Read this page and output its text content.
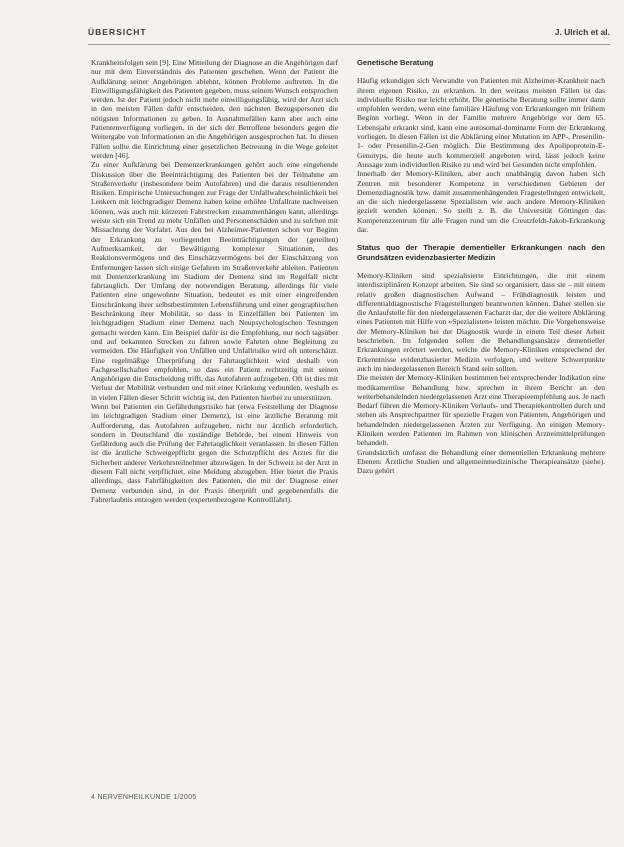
ÜBERSICHT	J. Ulrich et al.

Krankheitsfolgen sein [9]. Eine Mitteilung der Diagnose an die Angehörigen darf nur mit dem Einverständnis des Patienten geschehen. Wenn der Patient die Aufklärung seiner Angehörigen ablehnt, können Probleme auftreten. In die Einwilligungsfähigkeit des Patienten gegeben, muss seinem Wunsch entsprochen werden. Ist der Patient jedoch nicht mehr einwilligungsfähig, wird der Arzt sich in den meisten Fällen dafür entscheiden, den nächsten Bezugspersonen die nötigsten Informationen zu geben. In Ausnahmefällen kann aber auch eine Patientenverfügung vorliegen, in der sich der Betroffene besonders gegen die Weitergabe von Informationen an die Angehörigen ausgesprochen hat. In diesen Fällen sollte die Einrichtung einer gesetzlichen Betreuung in die Wege geleitet werden [46].

Zu einer Aufklärung bei Demenzerkrankungen gehört auch eine eingehende Diskussion über die Beeinträchtigung des Patienten bei der Teilnahme am Straßenverkehr (insbesondere beim Autofahren) und die daraus resultierenden Risiken. Empirische Untersuchungen zur Frage der Unfallwahrscheinlichkeit bei Lenkern mit leichtgradiger Demenz haben keine erhöhte Unfallrate nachweisen können, was auch mit kürzeren Fahrstrecken zusammenhängen kann, allerdings weiste sich ein Trend zu mehr Unfällen und Personenschäden und zu solchen mit Missachtung der Vorfahrt. Aus den bei Alzheimer-Patienten schon vor Beginn der Erkrankung zu vorliegenden Beeinträchtigungen der (geteilten) Aufmerksamkeit, der Bewältigung komplexer Situationen, des Reaktionsvermögens und des Einschätzvermögens bei der Einschätzung von Entfernungen lassen sich einige Gefahren im Straßenverkehr ableiten. Patienten mit Demenzerkrankung im Stadium der Demenz sind im Regelfall nicht fahrtauglich. Der Umfang der notwendigen Beratung, allerdings für viele Patienten eine ungewohnte Situation, bedeutet es mit einer eingreifenden Einschränkung ihrer selbstbestimmten Lebensführung und einer geographischen Beschränkung ihrer Mobilität, so dass in Einzelfällen bei Patienten im leichtgradigen Stadium einer Demenz nach Neupsychologischen Testungen gemacht werden kann. Ein Beispiel dafür ist die Empfehlung, nur noch tagsüber und auf bekannten Strecken zu fahren sowie Fahrten ohne Begleitung zu vermeiden. Die Häufigkeit von Unfällen und Unfallrisiko wird oft unterschätzt. Eine regelmäßige Überprüfung der Fahrtauglichkeit wird deshalb von Fachgesellschaften empfohlen, so dass ein Patient rechtzeitig mit seinen Angehörigen die Entscheidung trifft, das Autofahren aufzugeben. Oft ist dies mit Verlust der Mobilität verbunden und mit einer Kränkung verbunden, weshalb es in vielen Fällen dieser Schritt wichtig ist, den Patienten hierbei zu unterstützen.

Wenn bei Patienten ein Gefährdungsrisiko hat (etwa Feststellung der Diagnose im leichtgradigen Stadium einer Demenz), ist eine ärztliche Beratung mit Aufforderung, das Autofahren aufzugeben, nicht nur ärztlich erforderlich, sondern in Deutschland die zuständige Behörde, bei einem Hinweis von Gefährdung auch die Prüfung der Fahrtauglichkeit veranlassen. In diesen Fällen ist die ärztliche Schweigepflicht gegen die Schutzpflicht des Arztes für die Sicherheit anderer Verkehrsteilnehmer abzuwägen. In der Schweiz ist der Arzt in diesem Fall nicht verpflichtet, eine Meldung abzugeben. Hier bietet die Praxis allerdings, dass Fahrfähigkeiten des Patienten, die mit der Diagnose einer Demenz verbunden sind, in der Praxis überprüft und gegebenenfalls die Fahrerlaubnis entzogen werden (expertenbezogene Kontrollfahrt).

Genetische Beratung

Häufig erkundigen sich Verwandte von Patienten mit Alzheimer-Krankheit nach ihrem eigenen Risiko, zu erkranken. In den weitaus meisten Fällen ist das individuelle Risiko nur leicht erhöht. Die genetische Beratung sollte immer dann empfohlen werden, wenn eine familiäre Häufung von Erkrankungen mit frühem Beginn vorliegt. Wenn in der Familie mehrere Angehörige vor dem 65. Lebensjahr erkrankt sind, kann eine autosomal-dominante Form der Erkrankung vorliegen. In diesen Fällen ist die Abklärung einer Mutation im APP-, Presenilin-1- oder Presenilin-2-Gen möglich. Die Bestimmung des Apolipoprotein-E-Genotyps, die heute auch kommerziell angeboten wird, lässt jedoch keine Aussage zum individuellen Risiko zu und wird bei Gesunden nicht empfohlen.

Innerhalb der Memory-Kliniken, aber auch unabhängig davon haben sich Zentren mit besonderer Kompetenz in verschiedenen Gebieten der Demenzdiagnostik bzw. damit zusammenhängenden Fragestellungen entwickelt, an die sich niedergelassene Spezialisten wie auch andere Memory-Kliniken gezielt wenden können. So stellt z. B. die Universität Göttingen das Kompetenzzentrum für alle Fragen rund um die Creutzfeldt-Jakob-Erkrankung dar.

Status quo der Therapie dementieller Erkrankungen nach den Grundsätzen evidenzbasierter Medizin

Memory-Kliniken sind spezialisierte Einrichtungen, die mit einem interdisziplinären Konzept arbeiten. Sie sind so organisiert, dass sie – mit einem relativ großen diagnostischen Aufwand – Frühdiagnostik leisten und differentialdiagnostische Fragestellungen beantworten können. Daher stellen sie die Anlaufstelle für den niedergelassenen Facharzt dar, der die weitere Abklärung eines Patienten mit Hilfe von »Spezialisten« leisten möchte. Die Vorgehensweise der Memory-Kliniken bei der Diagnostik wurde in einem Teil dieser Arbeit beschrieben. Im folgenden sollen die Behandlungsansätze dementieller Erkrankungen erörtert werden, welche die Memory-Kliniken entsprechend der Erkenntnisse evidenzbasierter Medizin verfolgen, und weitere Schwerpunkte auch im niedergelassenen Bereich Stand sein sollten.

Die meisten der Memory-Kliniken bestimmen bei entsprechender Indikation eine medikamentöse Behandlung bzw. sprechen in ihrem Bericht an den weiterbehandelnden niedergelassenen Arzt eine Therapieempfehlung aus. Je nach Bedarf führen die Memory-Kliniken Verlaufs- und Therapiekontrollen durch und stehen als Ansprechpartner für spezielle Fragen von Patienten, Angehörigen und behandelnden niedergelassenen Ärzten zur Verfügung. An einigen Memory-Kliniken werden Patienten im Rahmen von klinischen Arzneimittelprüfungen behandelt.

Grundsätzlich umfasst die Behandlung einer dementiellen Erkrankung mehrere Ebenen: Ärztliche Studien und allgemeinmedizinische Therapieansätze (siehe). Dazu gehört

4 NERVENHEILKUNDE 1/2005
